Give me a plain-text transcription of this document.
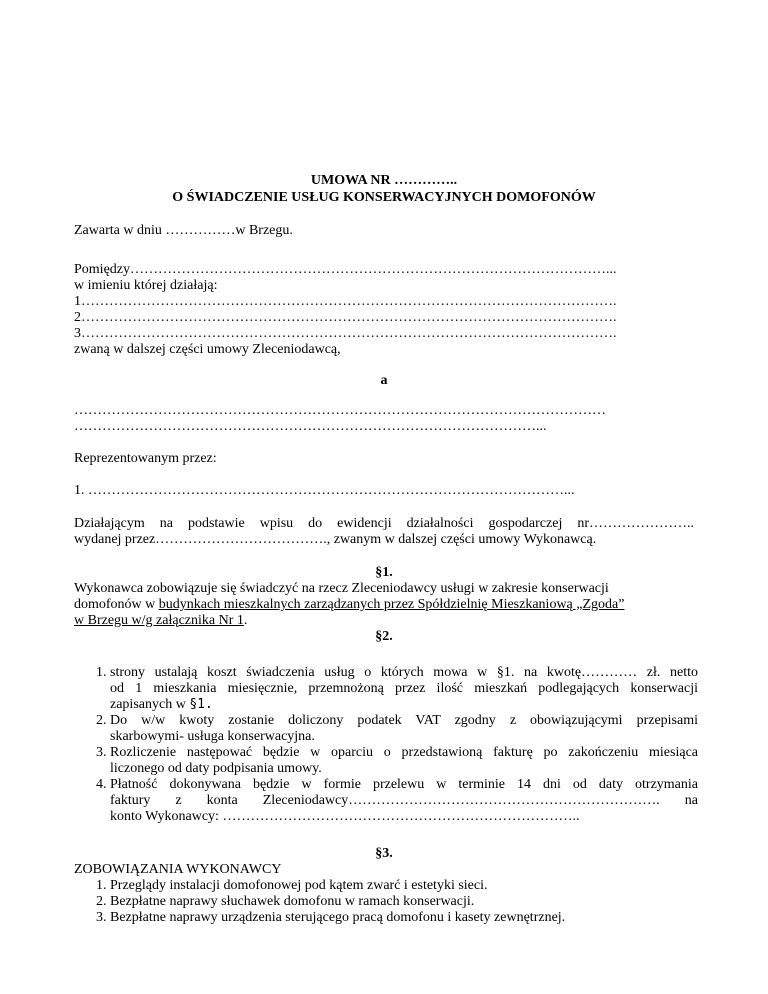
UMOWA NR …………..
O ŚWIADCZENIE USŁUG KONSERWACYJNYCH DOMOFONÓW
Zawarta w dniu ……………w Brzegu.
Pomiędzy…………………………………………………………………………………………...
w imieniu której działają:
1…………………………………………………………………………………………………….
2…………………………………………………………………………………………………….
3…………………………………………………………………………………………………….
zwaną w dalszej części umowy Zleceniodawcą,
a
……………………………………………………………………………………………………
………………………………………………………………………………………...
Reprezentowanym przez:
1. …………………………………………………………………………………………...
Działającym na podstawie wpisu do ewidencji działalności gospodarczej nr…………………..
wydanej przez………………………………., zwanym w dalszej części umowy Wykonawcą.
§1.
Wykonawca zobowiązuje się świadczyć na rzecz Zleceniodawcy usługi w zakresie konserwacji
domofonów w budynkach mieszkalnych zarządzanych przez Spółdzielnię Mieszkaniową „Zgoda”
w Brzegu w/g załącznika Nr 1.
§2.
1. strony ustalają koszt świadczenia usług o których mowa w §1. na kwotę………… zł. netto
od 1 mieszkania miesięcznie, przemnożoną przez ilość mieszkań podlegających konserwacji
zapisanych w §1.
2. Do w/w kwoty zostanie doliczony podatek VAT zgodny z obowiązującymi przepisami
skarbowymi- usługa konserwacyjna.
3. Rozliczenie następować będzie w oparciu o przedstawioną fakturę po zakończeniu miesiąca
liczonego od daty podpisania umowy.
4. Płatność dokonywana będzie w formie przelewu w terminie 14 dni od daty otrzymania
faktury z konta Zleceniodawcy…………………………………………………………. na
konto Wykonawcy: …………………………………………………………………..
§3.
ZOBOWIĄZANIA WYKONAWCY
1. Przeglądy instalacji domofonowej pod kątem zwarć i estetyki sieci.
2. Bezpłatne naprawy słuchawek domofonu w ramach konserwacji.
3. Bezpłatne naprawy urządzenia sterującego pracą domofonu i kasety zewnętrznej.
